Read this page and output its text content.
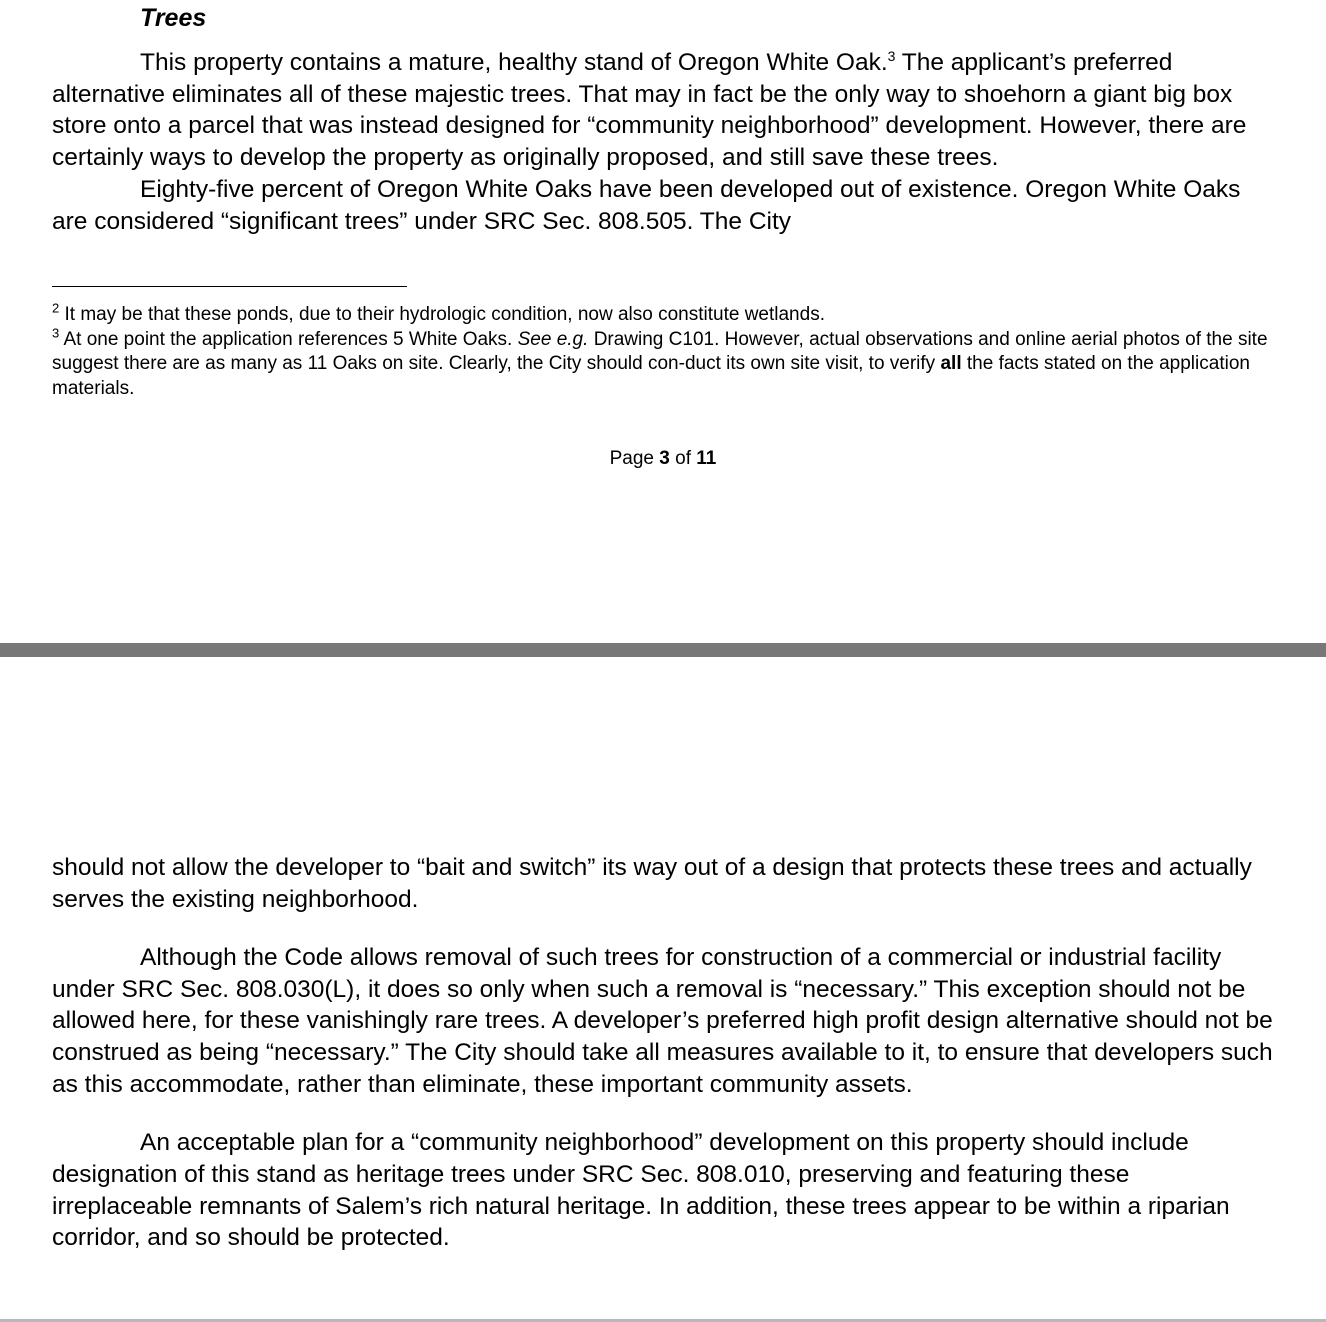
Trees

This property contains a mature, healthy stand of Oregon White Oak.$^3$ The applicant’s preferred alternative eliminates all of these majestic trees. That may in fact be the only way to shoehorn a giant big box store onto a parcel that was instead designed for “community neighborhood” development. However, there are certainly ways to develop the property as originally proposed, and still save these trees.

Eighty-five percent of Oregon White Oaks have been developed out of existence. Oregon White Oaks are considered “significant trees” under SRC Sec. 808.505. The City

$^2$ It may be that these ponds, due to their hydrologic condition, now also constitute wetlands.

$^3$ At one point the application references 5 White Oaks. See e.g. Drawing C101. However, actual observations and online aerial photos of the site suggest there are as many as 11 Oaks on site. Clearly, the City should con-duct its own site visit, to verify all the facts stated on the application materials.

Page 3 of 11

should not allow the developer to “bait and switch” its way out of a design that protects these trees and actually serves the existing neighborhood.

Although the Code allows removal of such trees for construction of a commercial or industrial facility under SRC Sec. 808.030(L), it does so only when such a removal is “necessary.” This exception should not be allowed here, for these vanishingly rare trees. A developer’s preferred high profit design alternative should not be construed as being “necessary.” The City should take all measures available to it, to ensure that developers such as this accommodate, rather than eliminate, these important community assets.

An acceptable plan for a “community neighborhood” development on this property should include designation of this stand as heritage trees under SRC Sec. 808.010, preserving and featuring these irreplaceable remnants of Salem’s rich natural heritage. In addition, these trees appear to be within a riparian corridor, and so should be protected.
